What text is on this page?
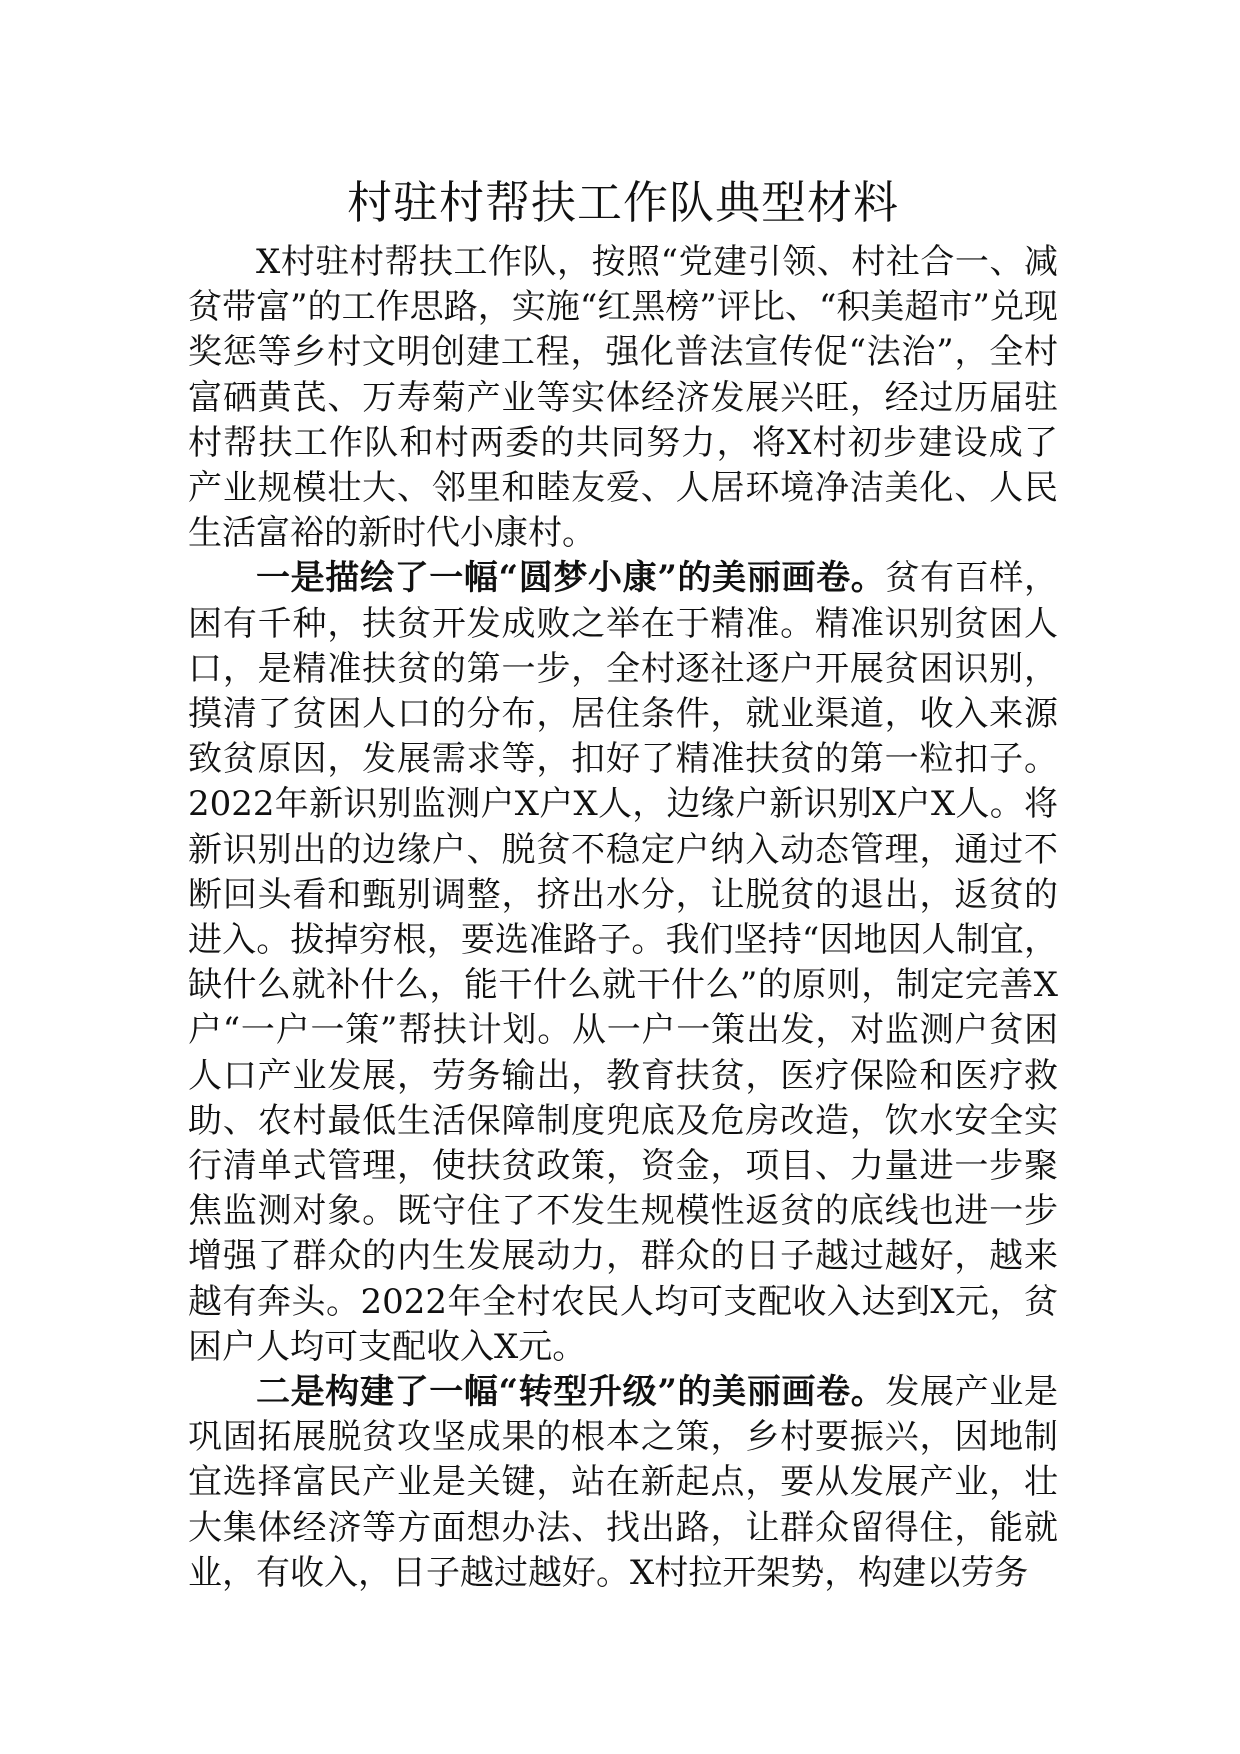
村驻村帮扶工作队典型材料

X村驻村帮扶工作队，按照“党建引领、村社合一、减贫带富”的工作思路，实施“红黑榜”评比、“积美超市”兑现奖惩等乡村文明创建工程，强化普法宣传促“法治”，全村富硒黄芪、万寿菊产业等实体经济发展兴旺，经过历届驻村帮扶工作队和村两委的共同努力，将X村初步建设成了产业规模壮大、邻里和睦友爱、人居环境净洁美化、人民生活富裕的新时代小康村。

一是描绘了一幅“圆梦小康”的美丽画卷。贫有百样，困有千种，扶贫开发成败之举在于精准。精准识别贫困人口，是精准扶贫的第一步，全村逐社逐户开展贫困识别，摸清了贫困人口的分布，居住条件，就业渠道，收入来源致贫原因，发展需求等，扣好了精准扶贫的第一粒扣子。2022年新识别监测户X户X人，边缘户新识别X户X人。将新识别出的边缘户、脱贫不稳定户纳入动态管理，通过不断回头看和甄别调整，挤出水分，让脱贫的退出，返贫的进入。拔掉穷根，要选准路子。我们坚持“因地因人制宜，缺什么就补什么，能干什么就干什么”的原则，制定完善X户“一户一策”帮扶计划。从一户一策出发，对监测户贫困人口产业发展，劳务输出，教育扶贫，医疗保险和医疗救助、农村最低生活保障制度兜底及危房改造，饮水安全实行清单式管理，使扶贫政策，资金，项目、力量进一步聚焦监测对象。既守住了不发生规模性返贫的底线也进一步增强了群众的内生发展动力，群众的日子越过越好，越来越有奔头。2022年全村农民人均可支配收入达到X元，贫困户人均可支配收入X元。

二是构建了一幅“转型升级”的美丽画卷。发展产业是巩固拓展脱贫攻坚成果的根本之策，乡村要振兴，因地制宜选择富民产业是关键，站在新起点，要从发展产业，壮大集体经济等方面想办法、找出路，让群众留得住，能就业，有收入，日子越过越好。X村拉开架势，构建以劳务
